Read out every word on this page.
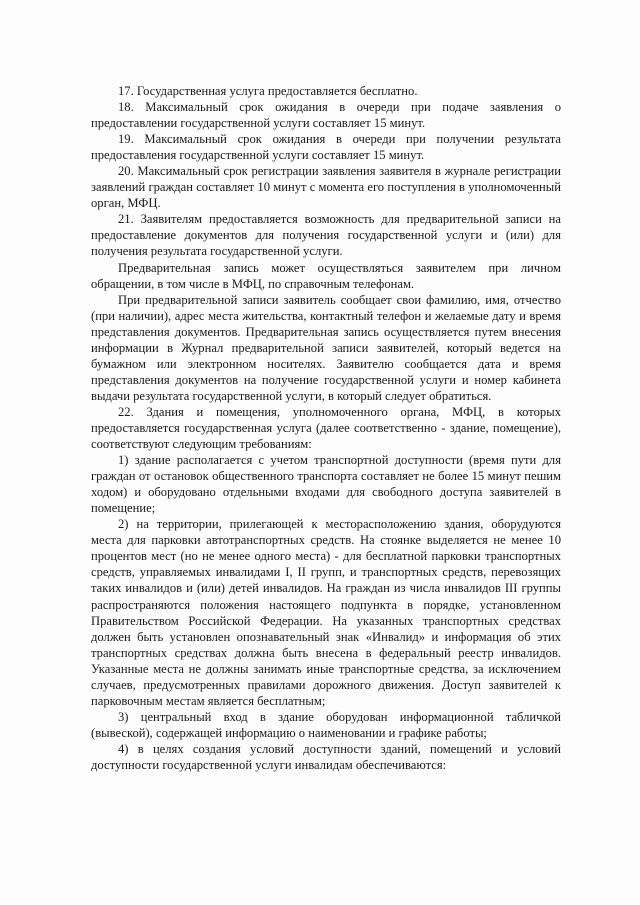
17. Государственная услуга предоставляется бесплатно.

18. Максимальный срок ожидания в очереди при подаче заявления о предоставлении государственной услуги составляет 15 минут.

19. Максимальный срок ожидания в очереди при получении результата предоставления государственной услуги составляет 15 минут.

20. Максимальный срок регистрации заявления заявителя в журнале регистрации заявлений граждан составляет 10 минут с момента его поступления в уполномоченный орган, МФЦ.

21. Заявителям предоставляется возможность для предварительной записи на предоставление документов для получения государственной услуги и (или) для получения результата государственной услуги.

Предварительная запись может осуществляться заявителем при личном обращении, в том числе в МФЦ, по справочным телефонам.

При предварительной записи заявитель сообщает свои фамилию, имя, отчество (при наличии), адрес места жительства, контактный телефон и желаемые дату и время представления документов. Предварительная запись осуществляется путем внесения информации в Журнал предварительной записи заявителей, который ведется на бумажном или электронном носителях. Заявителю сообщается дата и время представления документов на получение государственной услуги и номер кабинета выдачи результата государственной услуги, в который следует обратиться.

22. Здания и помещения, уполномоченного органа, МФЦ, в которых предоставляется государственная услуга (далее соответственно - здание, помещение), соответствуют следующим требованиям:

1) здание располагается с учетом транспортной доступности (время пути для граждан от остановок общественного транспорта составляет не более 15 минут пешим ходом) и оборудовано отдельными входами для свободного доступа заявителей в помещение;

2) на территории, прилегающей к месторасположению здания, оборудуются места для парковки автотранспортных средств. На стоянке выделяется не менее 10 процентов мест (но не менее одного места) - для бесплатной парковки транспортных средств, управляемых инвалидами I, II групп, и транспортных средств, перевозящих таких инвалидов и (или) детей инвалидов. На граждан из числа инвалидов III группы распространяются положения настоящего подпункта в порядке, установленном Правительством Российской Федерации. На указанных транспортных средствах должен быть установлен опознавательный знак «Инвалид» и информация об этих транспортных средствах должна быть внесена в федеральный реестр инвалидов. Указанные места не должны занимать иные транспортные средства, за исключением случаев, предусмотренных правилами дорожного движения. Доступ заявителей к парковочным местам является бесплатным;

3) центральный вход в здание оборудован информационной табличкой (вывеской), содержащей информацию о наименовании и графике работы;

4) в целях создания условий доступности зданий, помещений и условий доступности государственной услуги инвалидам обеспечиваются:
